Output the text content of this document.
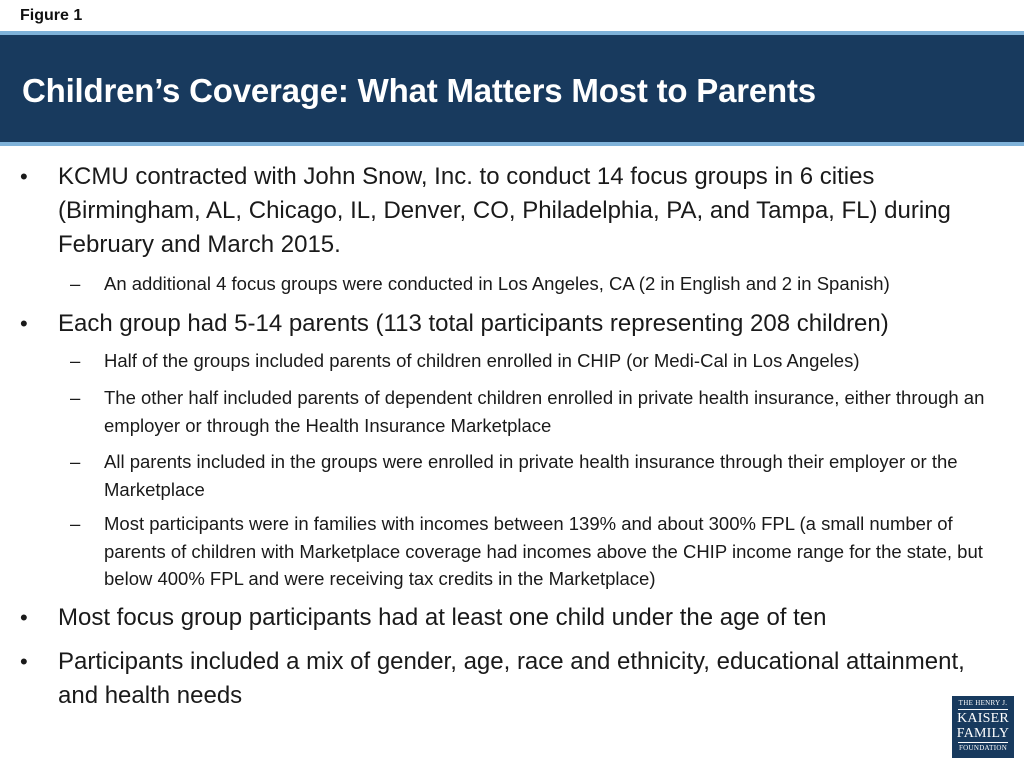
Figure 1
Children’s Coverage: What Matters Most to Parents
• KCMU contracted with John Snow, Inc. to conduct 14 focus groups in 6 cities (Birmingham, AL, Chicago, IL, Denver, CO, Philadelphia, PA, and Tampa, FL) during February and March 2015.
– An additional 4 focus groups were conducted in Los Angeles, CA (2 in English and 2 in Spanish)
• Each group had 5-14 parents (113 total participants representing 208 children)
– Half of the groups included parents of children enrolled in CHIP (or Medi-Cal in Los Angeles)
– The other half included parents of dependent children enrolled in private health insurance, either through an employer or through the Health Insurance Marketplace
– All parents included in the groups were enrolled in private health insurance through their employer or the Marketplace
– Most participants were in families with incomes between 139% and about 300% FPL (a small number of parents of children with Marketplace coverage had incomes above the CHIP income range for the state, but below 400% FPL and were receiving tax credits in the Marketplace)
• Most focus group participants had at least one child under the age of ten
• Participants included a mix of gender, age, race and ethnicity, educational attainment, and health needs	THE HENRY J.
KAISER
FAMILY
FOUNDATION
